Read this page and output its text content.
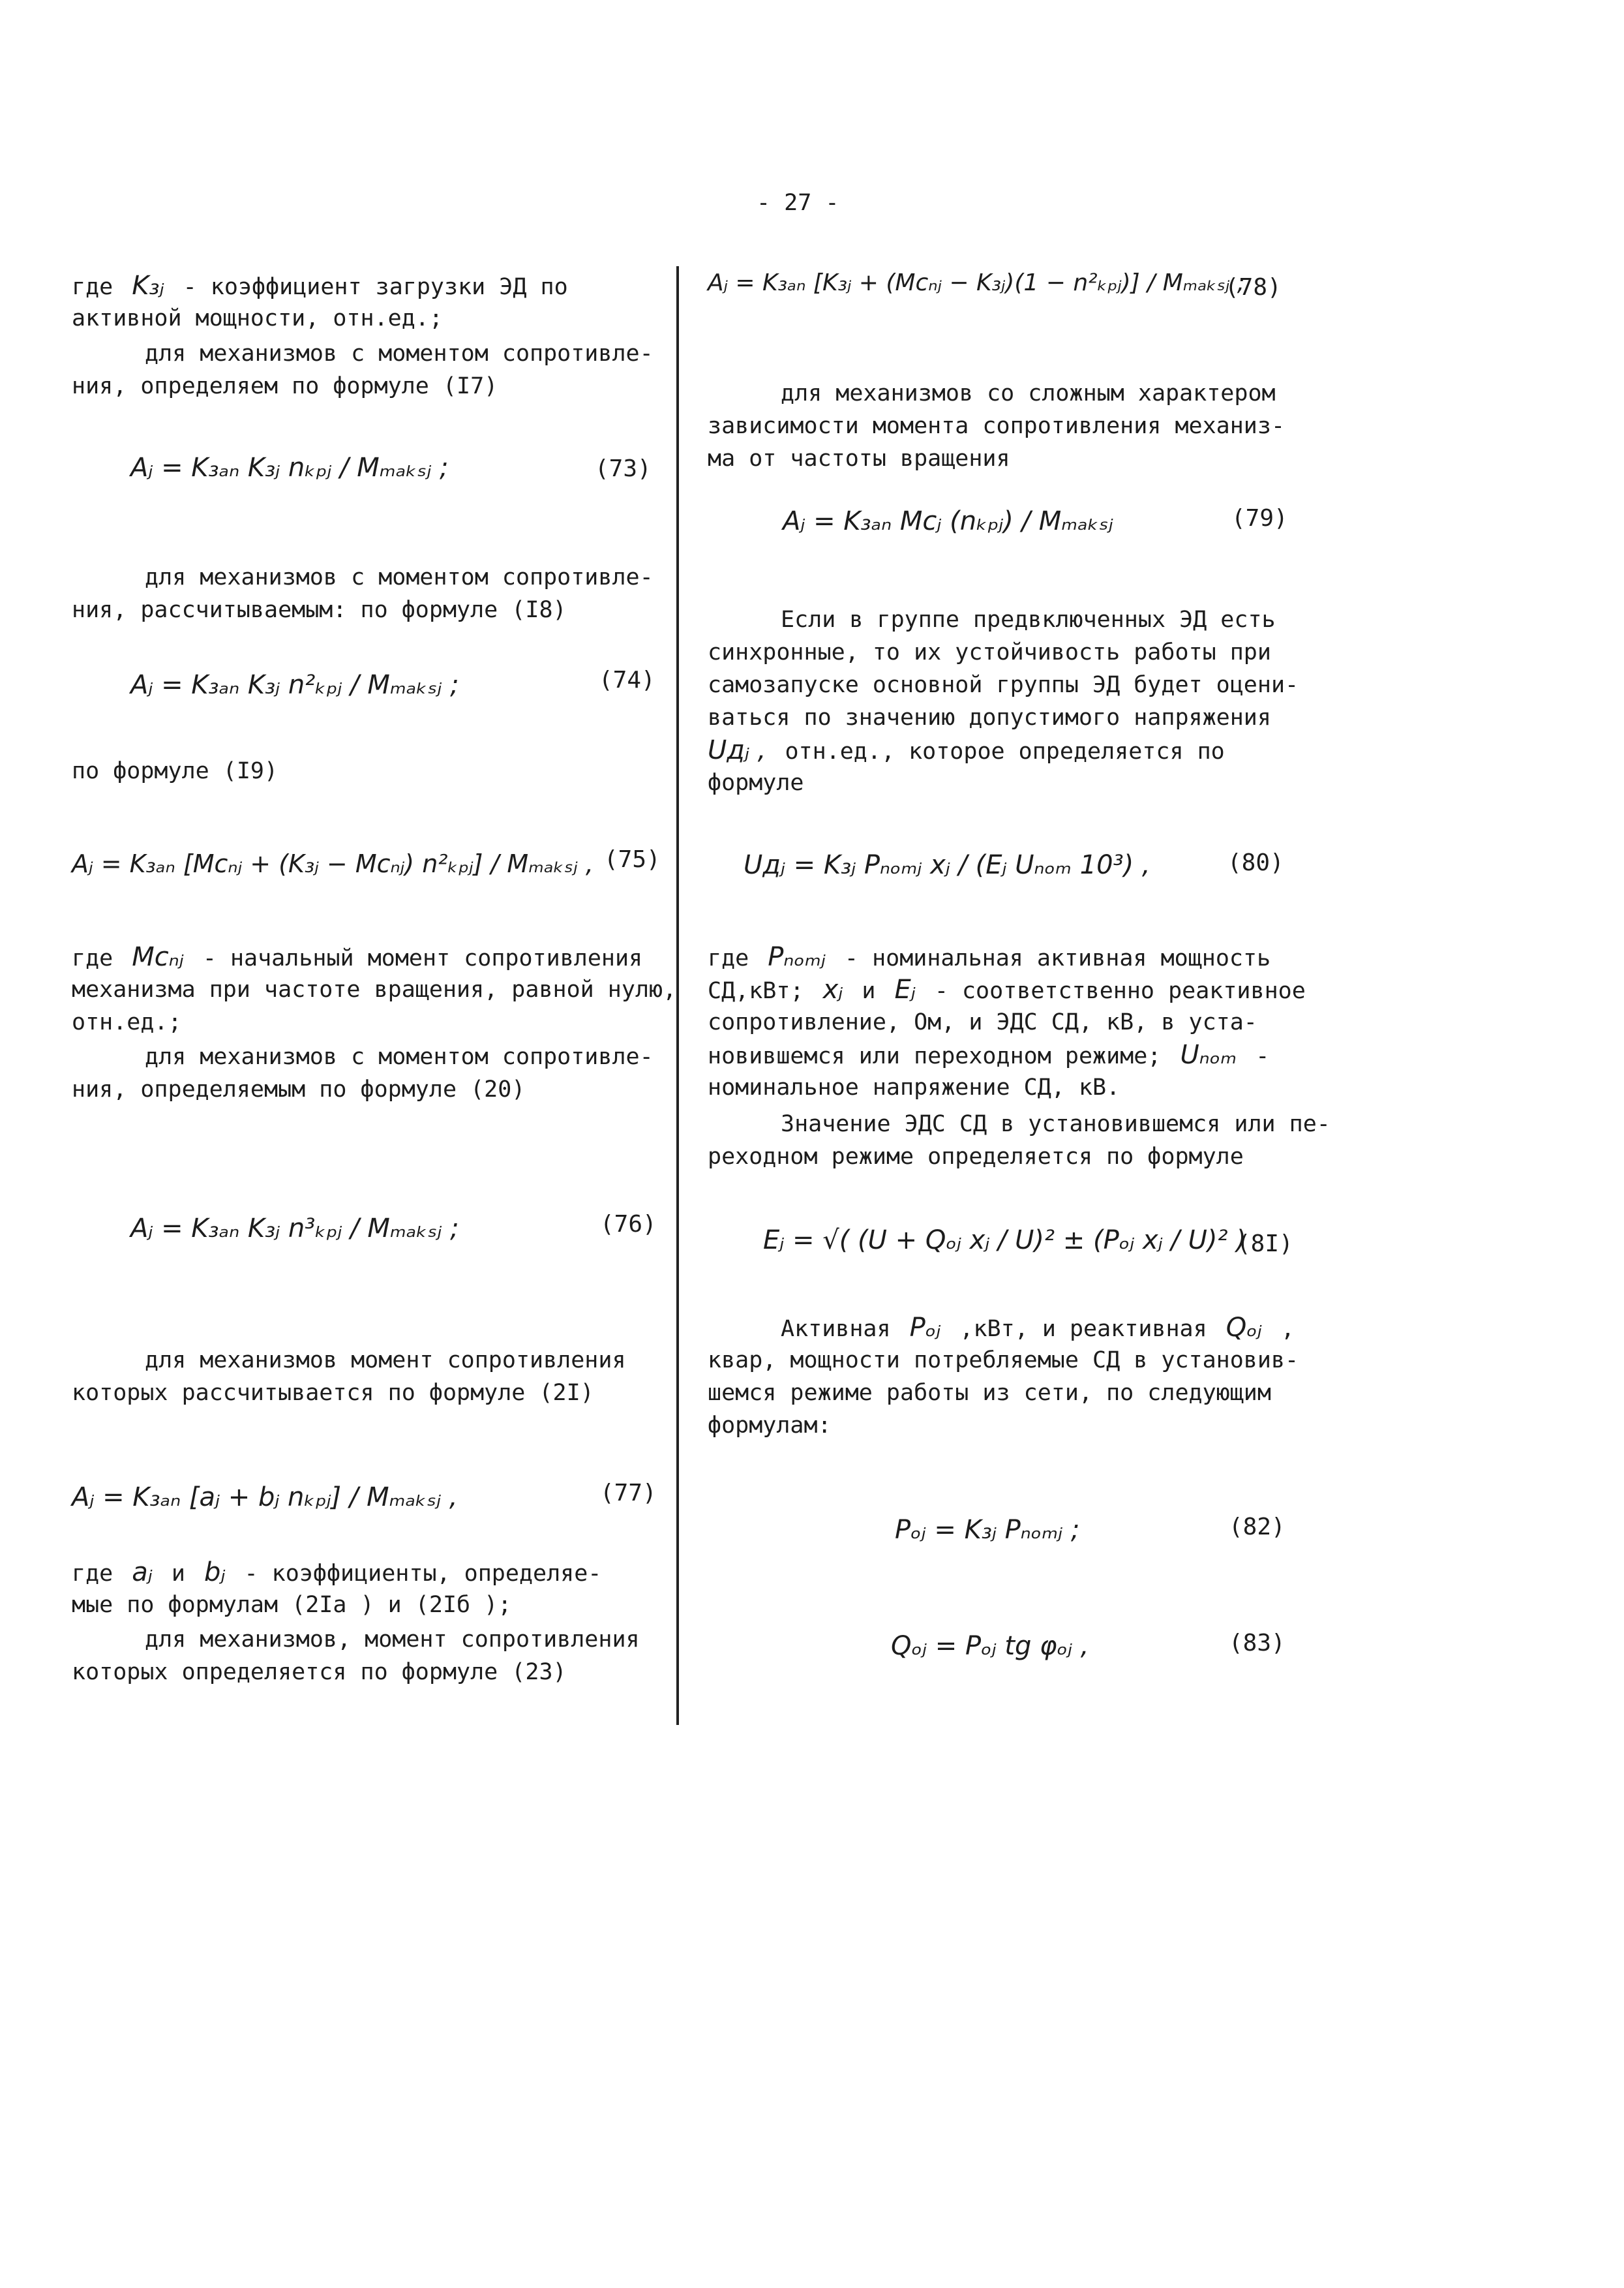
- 27 -
где K₃ⱼ - коэффициент загрузки ЭД по
активной мощности, отн.ед.;
для механизмов с моментом сопротивле-
ния, определяем по формуле (I7)
Aⱼ = K₃ₐₙ K₃ⱼ nₖₚⱼ / Mₘₐₖₛⱼ ;	(73)
для механизмов с моментом сопротивле-
ния, рассчитываемым: по формуле (I8)
Aⱼ = K₃ₐₙ K₃ⱼ n²ₖₚⱼ / Mₘₐₖₛⱼ ;	(74)
по формуле (I9)
Aⱼ = K₃ₐₙ [Mсₙⱼ + (K₃ⱼ − Mсₙⱼ) n²ₖₚⱼ] / Mₘₐₖₛⱼ , (75)
где Mсₙⱼ - начальный момент сопротивления
механизма при частоте вращения, равной нулю,
отн.ед.;
для механизмов с моментом сопротивле-
ния, определяемым по формуле (20)
Aⱼ = K₃ₐₙ K₃ⱼ n³ₖₚⱼ / Mₘₐₖₛⱼ ;	(76)
для механизмов момент сопротивления
которых рассчитывается по формуле (2I)
Aⱼ = K₃ₐₙ [aⱼ + bⱼ nₖₚⱼ] / Mₘₐₖₛⱼ ,	(77)
где aⱼ и bⱼ - коэффициенты, определяе-
мые по формулам (2Iа ) и (2Iб );
для механизмов, момент сопротивления
которых определяется по формуле (23)
Aⱼ = K₃ₐₙ [K₃ⱼ + (Mсₙⱼ − K₃ⱼ)(1 − n²ₖₚⱼ)] / Mₘₐₖₛⱼ ;
(78)
для механизмов со сложным характером
зависимости момента сопротивления механиз-
ма от частоты вращения
Aⱼ = K₃ₐₙ Mсⱼ (nₖₚⱼ) / Mₘₐₖₛⱼ	(79)
Если в группе предвключенных ЭД есть
синхронные, то их устойчивость работы при
самозапуске основной группы ЭД будет оцени-
ваться по значению допустимого напряжения
Uдⱼ , отн.ед., которое определяется по
формуле
Uдⱼ = K₃ⱼ Pₙₒₘⱼ xⱼ / (Eⱼ Uₙₒₘ 10³) ,	(80)
где Pₙₒₘⱼ - номинальная активная мощность
СД,кВт; xⱼ и Eⱼ - соответственно реактивное
сопротивление, Ом, и ЭДС СД, кВ, в уста-
новившемся или переходном режиме; Uₙₒₘ -
номинальное напряжение СД, кВ.
Значение ЭДС СД в установившемся или пе-
реходном режиме определяется по формуле
Eⱼ = √( (U + Qₒⱼ xⱼ / U)² ± (Pₒⱼ xⱼ / U)² )
(8I)
Активная Pₒⱼ ,кВт, и реактивная Qₒⱼ ,
квар, мощности потребляемые СД в установив-
шемся режиме работы из сети, по следующим
формулам:
Pₒⱼ = K₃ⱼ Pₙₒₘⱼ ;	(82)
Qₒⱼ = Pₒⱼ tg φₒⱼ ,	(83)
